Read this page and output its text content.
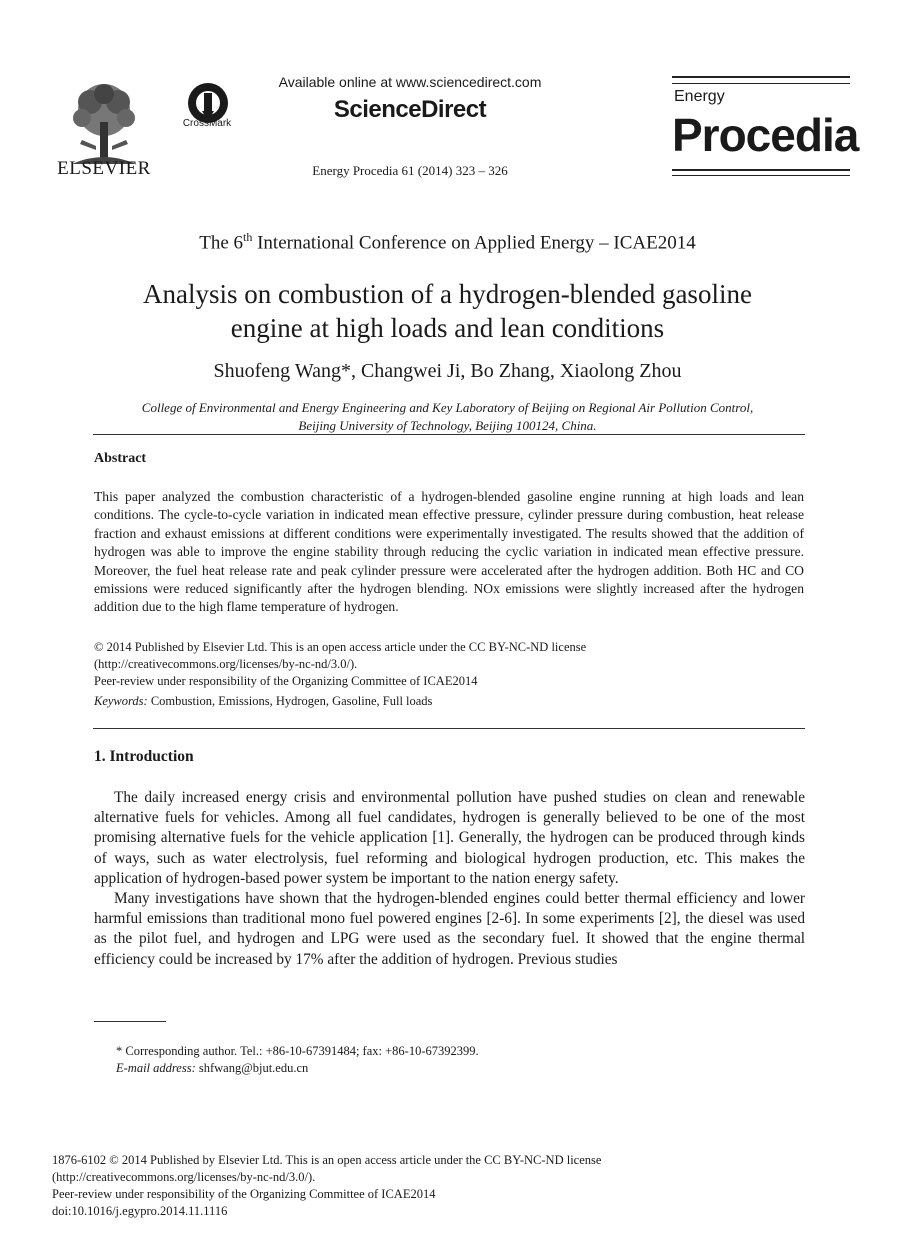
ELSEVIER
CrossMark
Available online at www.sciencedirect.com
ScienceDirect
Energy Procedia 61 (2014) 323 – 326
Energy
Procedia
The 6th International Conference on Applied Energy – ICAE2014
Analysis on combustion of a hydrogen-blended gasoline
engine at high loads and lean conditions
Shuofeng Wang*, Changwei Ji, Bo Zhang, Xiaolong Zhou
College of Environmental and Energy Engineering and Key Laboratory of Beijing on Regional Air Pollution Control,
Beijing University of Technology, Beijing 100124, China.
Abstract
This paper analyzed the combustion characteristic of a hydrogen-blended gasoline engine running at high loads and lean conditions. The cycle-to-cycle variation in indicated mean effective pressure, cylinder pressure during combustion, heat release fraction and exhaust emissions at different conditions were experimentally investigated. The results showed that the addition of hydrogen was able to improve the engine stability through reducing the cyclic variation in indicated mean effective pressure. Moreover, the fuel heat release rate and peak cylinder pressure were accelerated after the hydrogen addition. Both HC and CO emissions were reduced significantly after the hydrogen blending. NOx emissions were slightly increased after the hydrogen addition due to the high flame temperature of hydrogen.
© 2014 Published by Elsevier Ltd. This is an open access article under the CC BY-NC-ND license
(http://creativecommons.org/licenses/by-nc-nd/3.0/).
Peer-review under responsibility of the Organizing Committee of ICAE2014
Keywords: Combustion, Emissions, Hydrogen, Gasoline, Full loads
1. Introduction

The daily increased energy crisis and environmental pollution have pushed studies on clean and renewable alternative fuels for vehicles. Among all fuel candidates, hydrogen is generally believed to be one of the most promising alternative fuels for the vehicle application [1]. Generally, the hydrogen can be produced through kinds of ways, such as water electrolysis, fuel reforming and biological hydrogen production, etc. This makes the application of hydrogen-based power system be important to the nation energy safety.

Many investigations have shown that the hydrogen-blended engines could better thermal efficiency and lower harmful emissions than traditional mono fuel powered engines [2-6]. In some experiments [2], the diesel was used as the pilot fuel, and hydrogen and LPG were used as the secondary fuel. It showed that the engine thermal efficiency could be increased by 17% after the addition of hydrogen. Previous studies

* Corresponding author. Tel.: +86-10-67391484; fax: +86-10-67392399.
E-mail address: shfwang@bjut.edu.cn
1876-6102 © 2014 Published by Elsevier Ltd. This is an open access article under the CC BY-NC-ND license
(http://creativecommons.org/licenses/by-nc-nd/3.0/).
Peer-review under responsibility of the Organizing Committee of ICAE2014
doi:10.1016/j.egypro.2014.11.1116
